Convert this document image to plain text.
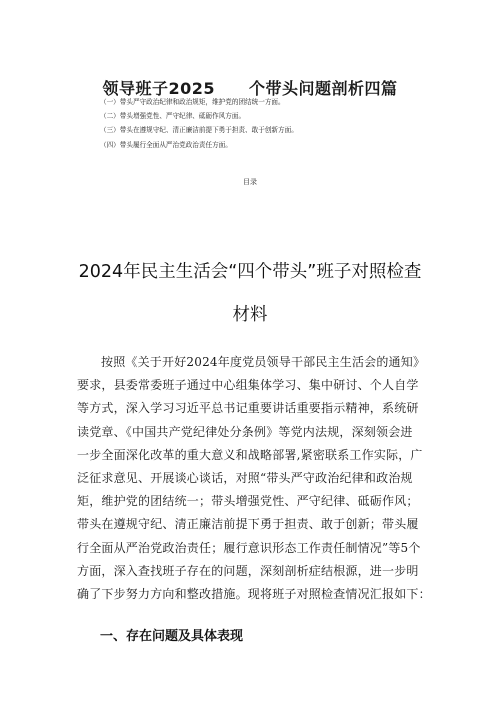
领导班子2025 个带头问题剖析四篇
（一）带头严守政治纪律和政治规矩，维护党的团结统一方面。
（二）带头增强党性、严守纪律、砥砺作风方面。
（三）带头在遵规守纪、清正廉洁前提下勇于担责、敢于创新方面。
（四）带头履行全面从严治党政治责任方面。
目录
2024年民主生活会“四个带头”班子对照检查
材料
按照《关于开好2024年度党员领导干部民主生活会的通知》
要求，县委常委班子通过中心组集体学习、集中研讨、个人自学
等方式，深入学习习近平总书记重要讲话重要指示精神，系统研
读党章、《中国共产党纪律处分条例》等党内法规，深刻领会进
一步全面深化改革的重大意义和战略部署,紧密联系工作实际，广
泛征求意见、开展谈心谈话，对照“带头严守政治纪律和政治规
矩，维护党的团结统一；带头增强党性、严守纪律、砥砺作风；
带头在遵规守纪、清正廉洁前提下勇于担责、敢于创新；带头履
行全面从严治党政治责任；履行意识形态工作责任制情况”等5个
方面，深入查找班子存在的问题，深刻剖析症结根源，进一步明
确了下步努力方向和整改措施。现将班子对照检查情况汇报如下：
一、存在问题及具体表现
